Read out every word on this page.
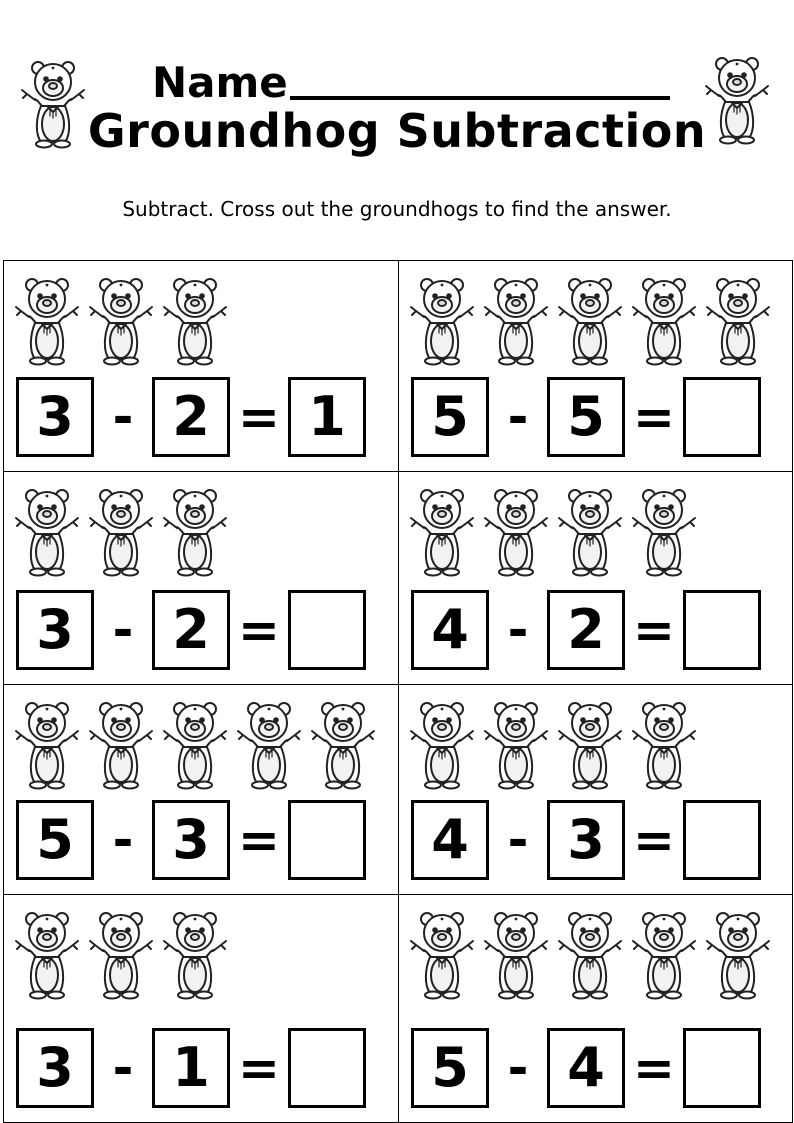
Name
Groundhog Subtraction
Subtract. Cross out the groundhogs to find the answer.
3 - 2 = 1	5 - 5 =
3 - 2 =	4 - 2 =
5 - 3 =	4 - 3 =
3 - 1 =	5 - 4 =
